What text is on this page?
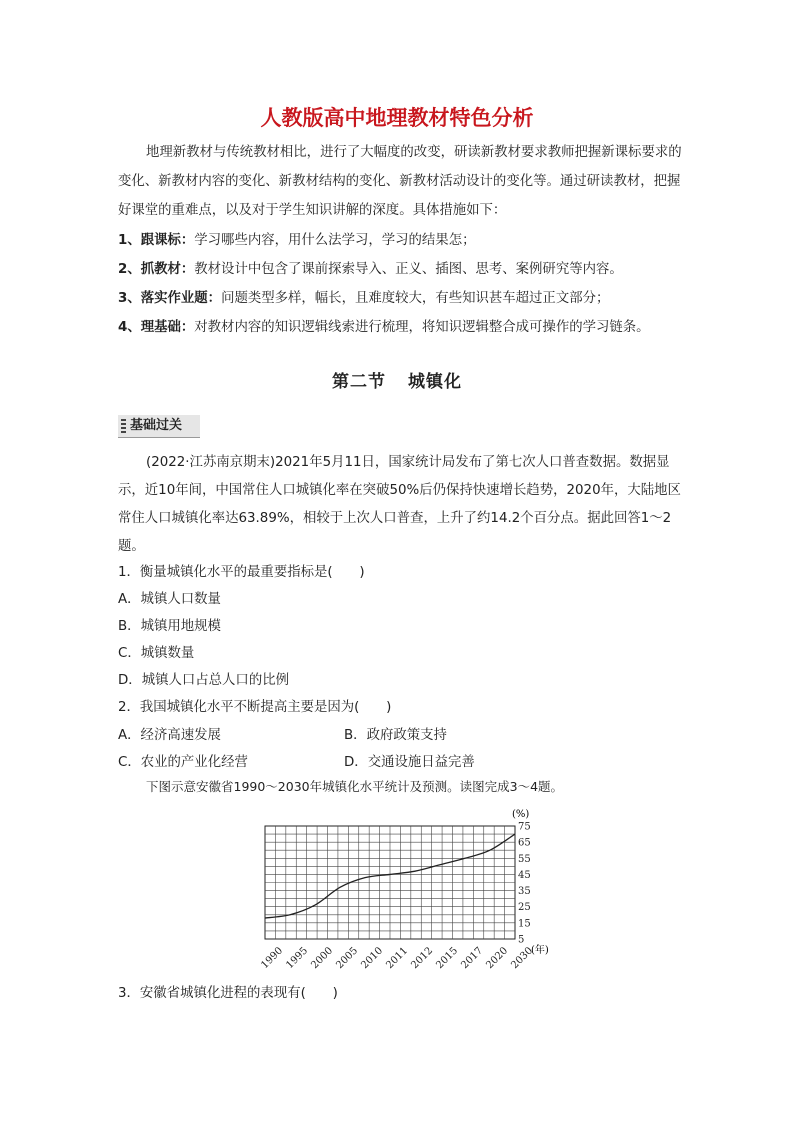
人教版高中地理教材特色分析
地理新教材与传统教材相比，进行了大幅度的改变，研读新教材要求教师把握新课标要求的变化、新教材内容的变化、新教材结构的变化、新教材活动设计的变化等。通过研读教材，把握好课堂的重难点，以及对于学生知识讲解的深度。具体措施如下：
1、跟课标：学习哪些内容，用什么法学习，学习的结果怎；
2、抓教材：教材设计中包含了课前探索导入、正义、插图、思考、案例研究等内容。
3、落实作业题：问题类型多样，幅长，且难度较大，有些知识甚车超过正文部分；
4、理基础：对教材内容的知识逻辑线索进行梳理，将知识逻辑整合成可操作的学习链条。
第二节 城镇化
基础过关
(2022·江苏南京期末)2021年5月11日，国家统计局发布了第七次人口普查数据。数据显示，近10年间，中国常住人口城镇化率在突破50%后仍保持快速增长趋势，2020年，大陆地区常住人口城镇化率达63.89%，相较于上次人口普查，上升了约14.2个百分点。据此回答1～2题。
1．衡量城镇化水平的最重要指标是(　　)
A．城镇人口数量
B．城镇用地规模
C．城镇数量
D．城镇人口占总人口的比例
2．我国城镇化水平不断提高主要是因为(　　)
A．经济高速发展	B．政府政策支持
C．农业的产业化经营	D．交通设施日益完善
下图示意安徽省1990～2030年城镇化水平统计及预测。读图完成3～4题。
5
15
25
35
45
55
65
75
1990 1995 2000 2005 2010 2011 2012 2015 2017 2020 2030
(%)
(年)
3．安徽省城镇化进程的表现有(　　)
